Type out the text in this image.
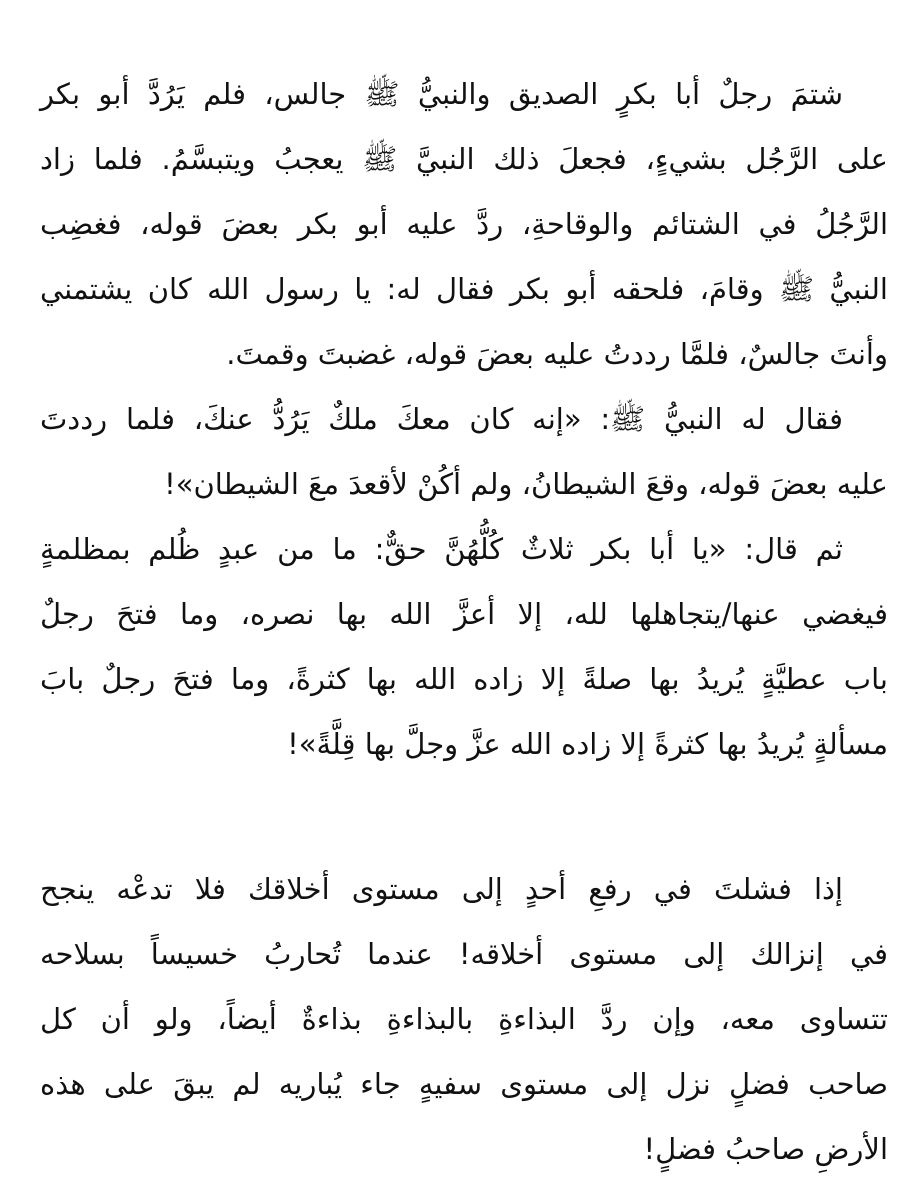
شتمَ رجلٌ أبا بكرٍ الصديق والنبيُّ ﷺ جالس، فلم يَرُدَّ أبو بكر
على الرَّجُل بشيءٍ، فجعلَ ذلك النبيَّ ﷺ يعجبُ ويتبسَّمُ. فلما زاد
الرَّجُلُ في الشتائم والوقاحةِ، ردَّ عليه أبو بكر بعضَ قوله، فغضِب
النبيُّ ﷺ وقامَ، فلحقه أبو بكر فقال له: يا رسول الله كان يشتمني
وأنتَ جالسٌ، فلمَّا رددتُ عليه بعضَ قوله، غضبتَ وقمتَ.
فقال له النبيُّ ﷺ: «إنه كان معكَ ملكٌ يَرُدُّ عنكَ، فلما رددتَ
عليه بعضَ قوله، وقعَ الشيطانُ، ولم أكُنْ لأقعدَ معَ الشيطان»!
ثم قال: «يا أبا بكر ثلاثٌ كُلُّهُنَّ حقٌّ: ما من عبدٍ ظُلم بمظلمةٍ
فيغضي عنها/يتجاهلها لله، إلا أعزَّ الله بها نصره، وما فتحَ رجلٌ
باب عطيَّةٍ يُريدُ بها صلةً إلا زاده الله بها كثرةً، وما فتحَ رجلٌ بابَ
مسألةٍ يُريدُ بها كثرةً إلا زاده الله عزَّ وجلَّ بها قِلَّةً»!
إذا فشلتَ في رفعِ أحدٍ إلى مستوى أخلاقك فلا تدعْه ينجح
في إنزالك إلى مستوى أخلاقه! عندما تُحاربُ خسيساً بسلاحه
تتساوى معه، وإن ردَّ البذاءةِ بالبذاءةِ بذاءةٌ أيضاً، ولو أن كل
صاحب فضلٍ نزل إلى مستوى سفيهٍ جاء يُباريه لم يبقَ على هذه
الأرضِ صاحبُ فضلٍ!
